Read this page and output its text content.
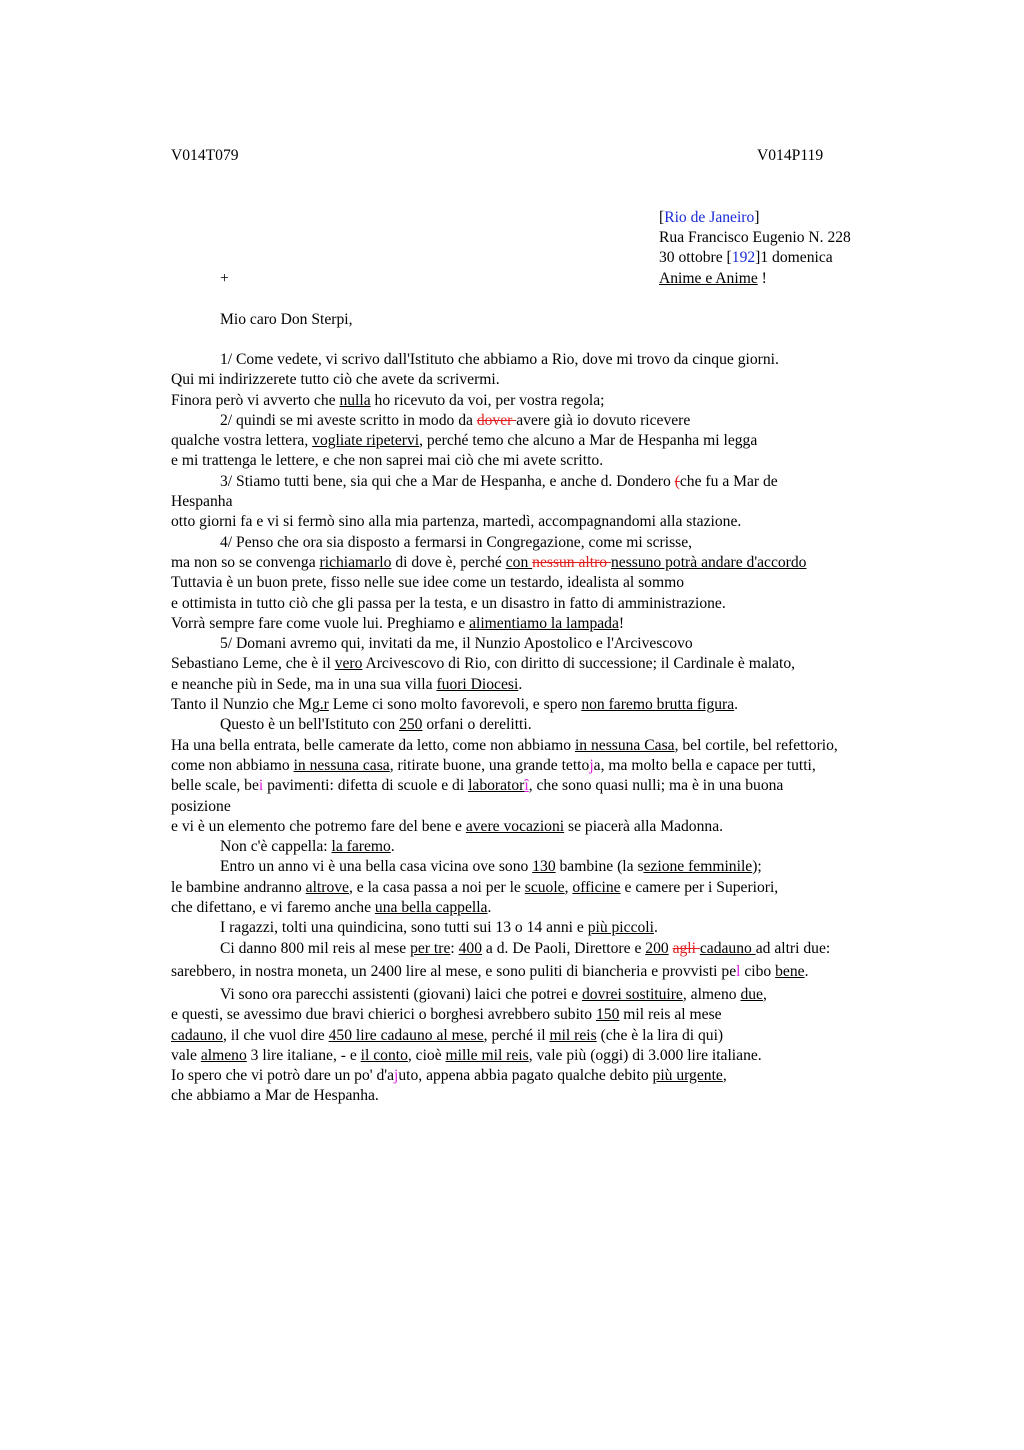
V014T079	V014P119
[Rio de Janeiro]
Rua Francisco Eugenio N. 228
30 ottobre [192]1 domenica
Anime e Anime !
+
Mio caro Don Sterpi,
1/ Come vedete, vi scrivo dall'Istituto che abbiamo a Rio, dove mi trovo da cinque giorni.
Qui mi indirizzerete tutto ciò che avete da scrivermi.
Finora però vi avverto che nulla ho ricevuto da voi, per vostra regola;
2/ quindi se mi aveste scritto in modo da dover avere già io dovuto ricevere
qualche vostra lettera, vogliate ripetervi, perché temo che alcuno a Mar de Hespanha mi legga
e mi trattenga le lettere, e che non saprei mai ciò che mi avete scritto.
3/ Stiamo tutti bene, sia qui che a Mar de Hespanha, e anche d. Dondero (che fu a Mar de
Hespanha
otto giorni fa e vi si fermò sino alla mia partenza, martedì, accompagnandomi alla stazione.
4/ Penso che ora sia disposto a fermarsi in Congregazione, come mi scrisse,
ma non so se convenga richiamarlo di dove è, perché con nessun altro nessuno potrà andare d'accordo
Tuttavia è un buon prete, fisso nelle sue idee come un testardo, idealista al sommo
e ottimista in tutto ciò che gli passa per la testa, e un disastro in fatto di amministrazione.
Vorrà sempre fare come vuole lui. Preghiamo e alimentiamo la lampada!
5/ Domani avremo qui, invitati da me, il Nunzio Apostolico e l'Arcivescovo
Sebastiano Leme, che è il vero Arcivescovo di Rio, con diritto di successione; il Cardinale è malato,
e neanche più in Sede, ma in una sua villa fuori Diocesi.
Tanto il Nunzio che Mg.r Leme ci sono molto favorevoli, e spero non faremo brutta figura.
Questo è un bell'Istituto con 250 orfani o derelitti.
Ha una bella entrata, belle camerate da letto, come non abbiamo in nessuna Casa, bel cortile, bel refettorio,
come non abbiamo in nessuna casa, ritirate buone, una grande tettoja, ma molto bella e capace per tutti,
belle scale, bei pavimenti: difetta di scuole e di laboratorî, che sono quasi nulli; ma è in una buona
posizione
e vi è un elemento che potremo fare del bene e avere vocazioni se piacerà alla Madonna.
Non c'è cappella: la faremo.
Entro un anno vi è una bella casa vicina ove sono 130 bambine (la sezione femminile);
le bambine andranno altrove, e la casa passa a noi per le scuole, officine e camere per i Superiori,
che difettano, e vi faremo anche una bella cappella.
I ragazzi, tolti una quindicina, sono tutti sui 13 o 14 anni e più piccoli.
Ci danno 800 mil reis al mese per tre: 400 a d. De Paoli, Direttore e 200 agli cadauno ad altri due:
sarebbero, in nostra moneta, un 2400 lire al mese, e sono puliti di biancheria e provvisti pel cibo bene.
Vi sono ora parecchi assistenti (giovani) laici che potrei e dovrei sostituire, almeno due,
e questi, se avessimo due bravi chierici o borghesi avrebbero subito 150 mil reis al mese
cadauno, il che vuol dire 450 lire cadauno al mese, perché il mil reis (che è la lira di qui)
vale almeno 3 lire italiane, - e il conto, cioè mille mil reis, vale più (oggi) di 3.000 lire italiane.
Io spero che vi potrò dare un po' d'ajuto, appena abbia pagato qualche debito più urgente,
che abbiamo a Mar de Hespanha.
